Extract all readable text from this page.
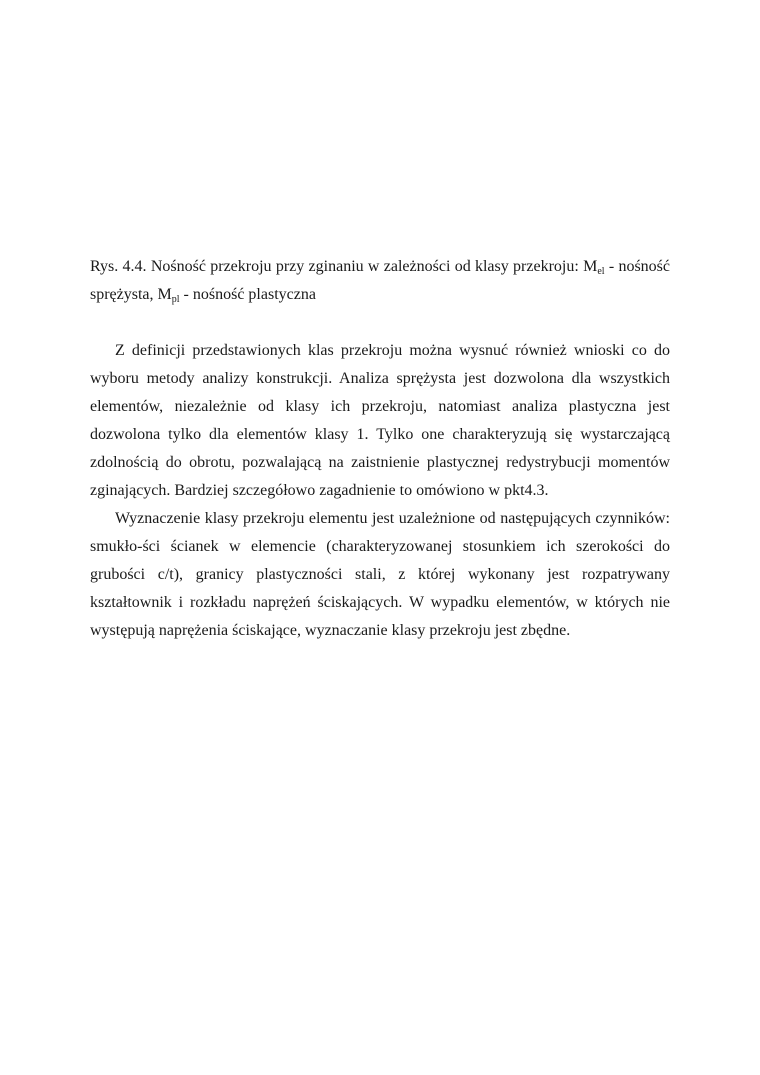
Rys. 4.4. Nośność przekroju przy zginaniu w zależności od klasy przekroju: $M_{el}$ - nośność sprężysta, $M_{pl}$ - nośność plastyczna

Z definicji przedstawionych klas przekroju można wysnuć również wnioski co do wyboru metody analizy konstrukcji. Analiza sprężysta jest dozwolona dla wszystkich elementów, niezależnie od klasy ich przekroju, natomiast analiza plastyczna jest dozwolona tylko dla elementów klasy 1. Tylko one charakteryzują się wystarczającą zdolnością do obrotu, pozwalającą na zaistnienie plastycznej redystrybucji momentów zginających. Bardziej szczegółowo zagadnienie to omówiono w pkt4.3.

Wyznaczenie klasy przekroju elementu jest uzależnione od następujących czynników: smukło-ści ścianek w elemencie (charakteryzowanej stosunkiem ich szerokości do grubości c/t), granicy plastyczności stali, z której wykonany jest rozpatrywany kształtownik i rozkładu naprężeń ściskających. W wypadku elementów, w których nie występują naprężenia ściskające, wyznaczanie klasy przekroju jest zbędne.
